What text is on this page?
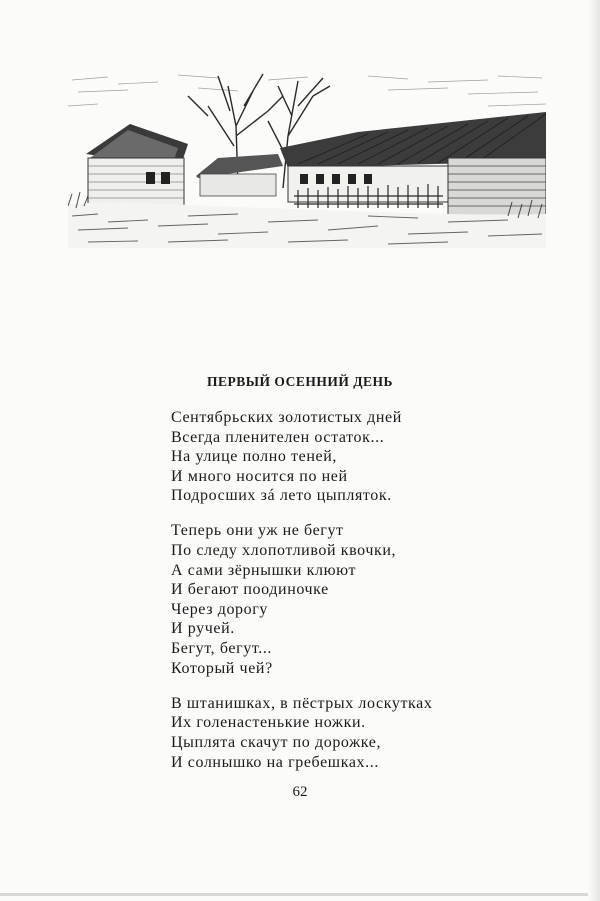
ПЕРВЫЙ ОСЕННИЙ ДЕНЬ
Сентябрьских золотистых дней
Всегда пленителен остаток...
На улице полно теней,
И много носится по ней
Подросших зá лето цыпляток.
Теперь они уж не бегут
По следу хлопотливой квочки,
А сами зёрнышки клюют
И бегают поодиночке
Через дорогу
И ручей.
Бегут, бегут...
Который чей?
В штанишках, в пёстрых лоскутках
Их голенастенькие ножки.
Цыплята скачут по дорожке,
И солнышко на гребешках...
62
